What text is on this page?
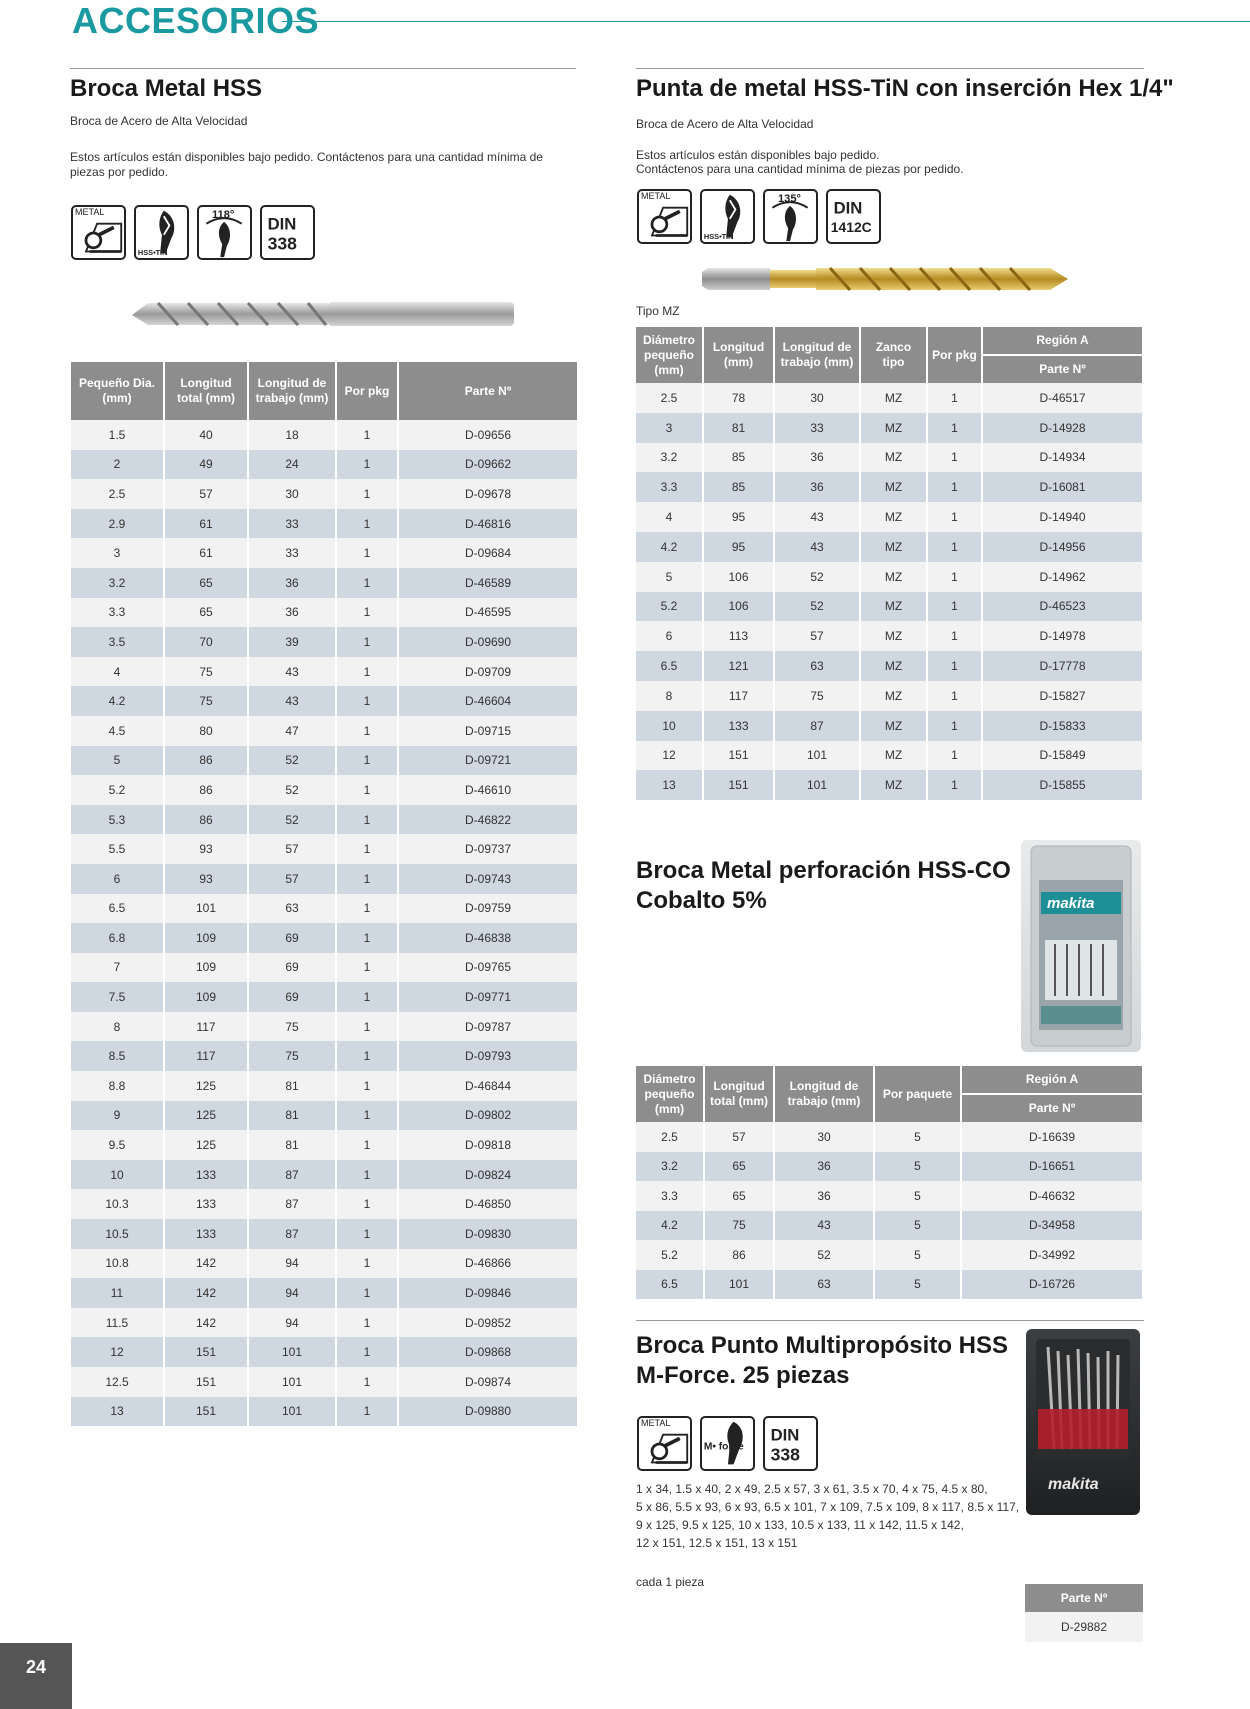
ACCESORIOS
Broca Metal HSS
Broca de Acero de Alta Velocidad
Estos artículos están disponibles bajo pedido. Contáctenos para una cantidad mínima de piezas por pedido.
METAL
HSS•TiN
118° DIN
338
Pequeño Dia. (mm)	Longitud total (mm)	Longitud de trabajo (mm)	Por pkg	Parte Nº
1.5	40	18	1	D-09656
2	49	24	1	D-09662
2.5	57	30	1	D-09678
2.9	61	33	1	D-46816
3	61	33	1	D-09684
3.2	65	36	1	D-46589
3.3	65	36	1	D-46595
3.5	70	39	1	D-09690
4	75	43	1	D-09709
4.2	75	43	1	D-46604
4.5	80	47	1	D-09715
5	86	52	1	D-09721
5.2	86	52	1	D-46610
5.3	86	52	1	D-46822
5.5	93	57	1	D-09737
6	93	57	1	D-09743
6.5	101	63	1	D-09759
6.8	109	69	1	D-46838
7	109	69	1	D-09765
7.5	109	69	1	D-09771
8	117	75	1	D-09787
8.5	117	75	1	D-09793
8.8	125	81	1	D-46844
9	125	81	1	D-09802
9.5	125	81	1	D-09818
10	133	87	1	D-09824
10.3	133	87	1	D-46850
10.5	133	87	1	D-09830
10.8	142	94	1	D-46866
11	142	94	1	D-09846
11.5	142	94	1	D-09852
12	151	101	1	D-09868
12.5	151	101	1	D-09874
13	151	101	1	D-09880
Punta de metal HSS-TiN con inserción Hex 1/4"
Broca de Acero de Alta Velocidad
Estos artículos están disponibles bajo pedido.
Contáctenos para una cantidad mínima de piezas por pedido.
METAL
HSS•TiN
135° DIN
1412C
Tipo MZ
Diámetro pequeño (mm)	Longitud (mm)	Longitud de trabajo (mm)	Zanco tipo	Por pkg	Región A
					Parte Nº
2.5	78	30	MZ	1	D-46517
3	81	33	MZ	1	D-14928
3.2	85	36	MZ	1	D-14934
3.3	85	36	MZ	1	D-16081
4	95	43	MZ	1	D-14940
4.2	95	43	MZ	1	D-14956
5	106	52	MZ	1	D-14962
5.2	106	52	MZ	1	D-46523
6	113	57	MZ	1	D-14978
6.5	121	63	MZ	1	D-17778
8	117	75	MZ	1	D-15827
10	133	87	MZ	1	D-15833
12	151	101	MZ	1	D-15849
13	151	101	MZ	1	D-15855
Broca Metal perforación HSS-CO
Cobalto 5%	makita
Diámetro pequeño (mm)	Longitud total (mm)	Longitud de trabajo (mm)	Por paquete	Región A
				Parte Nº
2.5	57	30	5	D-16639
3.2	65	36	5	D-16651
3.3	65	36	5	D-46632
4.2	75	43	5	D-34958
5.2	86	52	5	D-34992
6.5	101	63	5	D-16726
Broca Punto Multipropósito HSS
M-Force. 25 piezas
METAL
M• force
DIN
338
makita
1 x 34, 1.5 x 40, 2 x 49, 2.5 x 57, 3 x 61, 3.5 x 70, 4 x 75, 4.5 x 80,
5 x 86, 5.5 x 93, 6 x 93, 6.5 x 101, 7 x 109, 7.5 x 109, 8 x 117, 8.5 x 117,
9 x 125, 9.5 x 125, 10 x 133, 10.5 x 133, 11 x 142, 11.5 x 142,
12 x 151, 12.5 x 151, 13 x 151
cada 1 pieza
Parte Nº
D-29882
24
